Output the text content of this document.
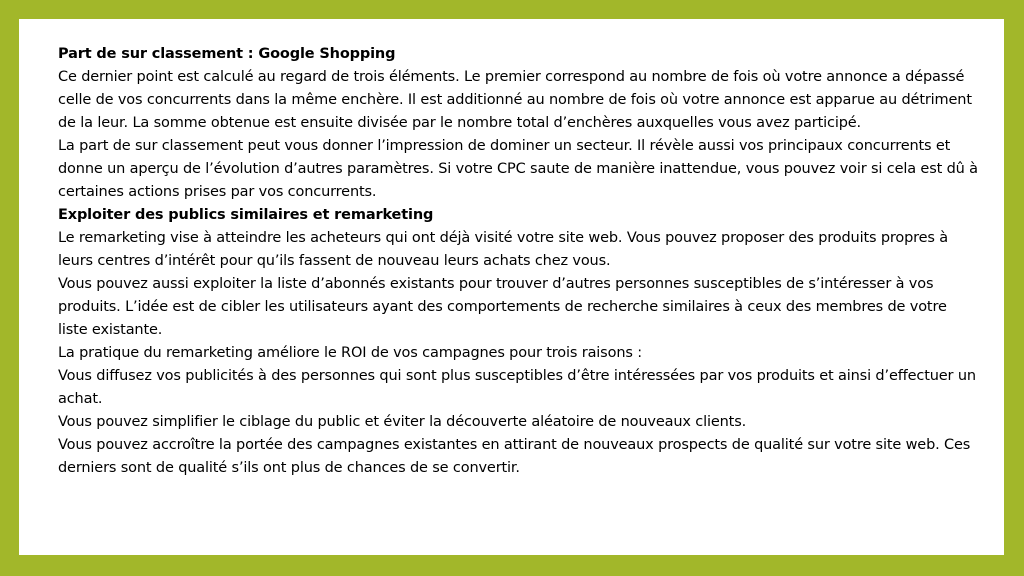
Part de sur classement : Google Shopping

Ce dernier point est calculé au regard de trois éléments. Le premier correspond au nombre de fois où votre annonce a dépassé celle de vos concurrents dans la même enchère. Il est additionné au nombre de fois où votre annonce est apparue au détriment de la leur. La somme obtenue est ensuite divisée par le nombre total d’enchères auxquelles vous avez participé.

La part de sur classement peut vous donner l’impression de dominer un secteur. Il révèle aussi vos principaux concurrents et donne un aperçu de l’évolution d’autres paramètres. Si votre CPC saute de manière inattendue, vous pouvez voir si cela est dû à certaines actions prises par vos concurrents.

Exploiter des publics similaires et remarketing

Le remarketing vise à atteindre les acheteurs qui ont déjà visité votre site web. Vous pouvez proposer des produits propres à leurs centres d’intérêt pour qu’ils fassent de nouveau leurs achats chez vous.

Vous pouvez aussi exploiter la liste d’abonnés existants pour trouver d’autres personnes susceptibles de s’intéresser à vos produits. L’idée est de cibler les utilisateurs ayant des comportements de recherche similaires à ceux des membres de votre liste existante.

La pratique du remarketing améliore le ROI de vos campagnes pour trois raisons :

Vous diffusez vos publicités à des personnes qui sont plus susceptibles d’être intéressées par vos produits et ainsi d’effectuer un achat.

Vous pouvez simplifier le ciblage du public et éviter la découverte aléatoire de nouveaux clients.

Vous pouvez accroître la portée des campagnes existantes en attirant de nouveaux prospects de qualité sur votre site web. Ces derniers sont de qualité s’ils ont plus de chances de se convertir.
